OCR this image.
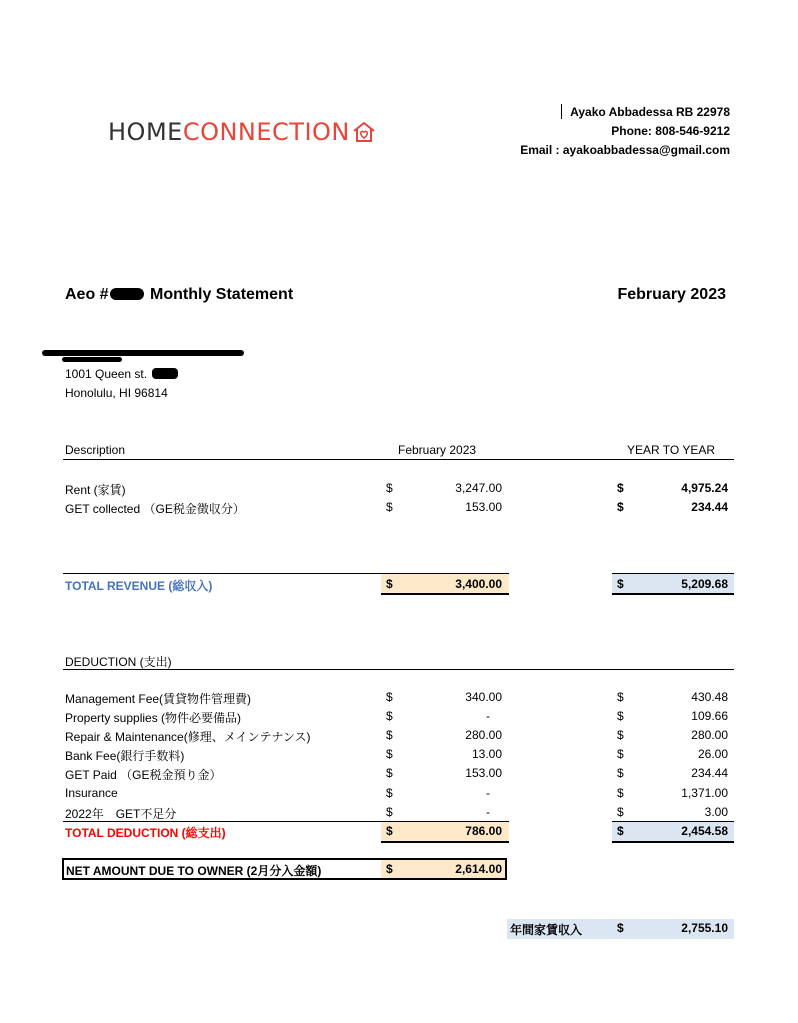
HOMECONNECTION
Ayako Abbadessa RB 22978
Phone: 808-546-9212
Email : ayakoabbadessa@gmail.com
Aeo #	Monthly Statement	February 2023
1001 Queen st.
Honolulu, HI 96814
Description	February 2023	YEAR TO YEAR
Rent (家賃)	$	3,247.00	$	4,975.24
GET collected （GE税金徴収分）	$	153.00	$	234.44
TOTAL REVENUE (総収入)	$	3,400.00	$	5,209.68
DEDUCTION (支出)
Management Fee(賃貸物件管理費)	$	340.00	$	430.48
Property supplies (物件必要備品)	$	-	$	109.66
Repair & Maintenance(修理、メインテナンス)	$	280.00	$	280.00
Bank Fee(銀行手数料)	$	13.00	$	26.00
GET Paid （GE税金預り金）	$	153.00	$	234.44
Insurance	$	-	$	1,371.00
2022年　GET不足分	$	-	$	3.00
TOTAL DEDUCTION (総支出)	$	786.00	$	2,454.58
NET AMOUNT DUE TO OWNER (2月分入金額)	$	2,614.00
年間家賃収入	$	2,755.10
